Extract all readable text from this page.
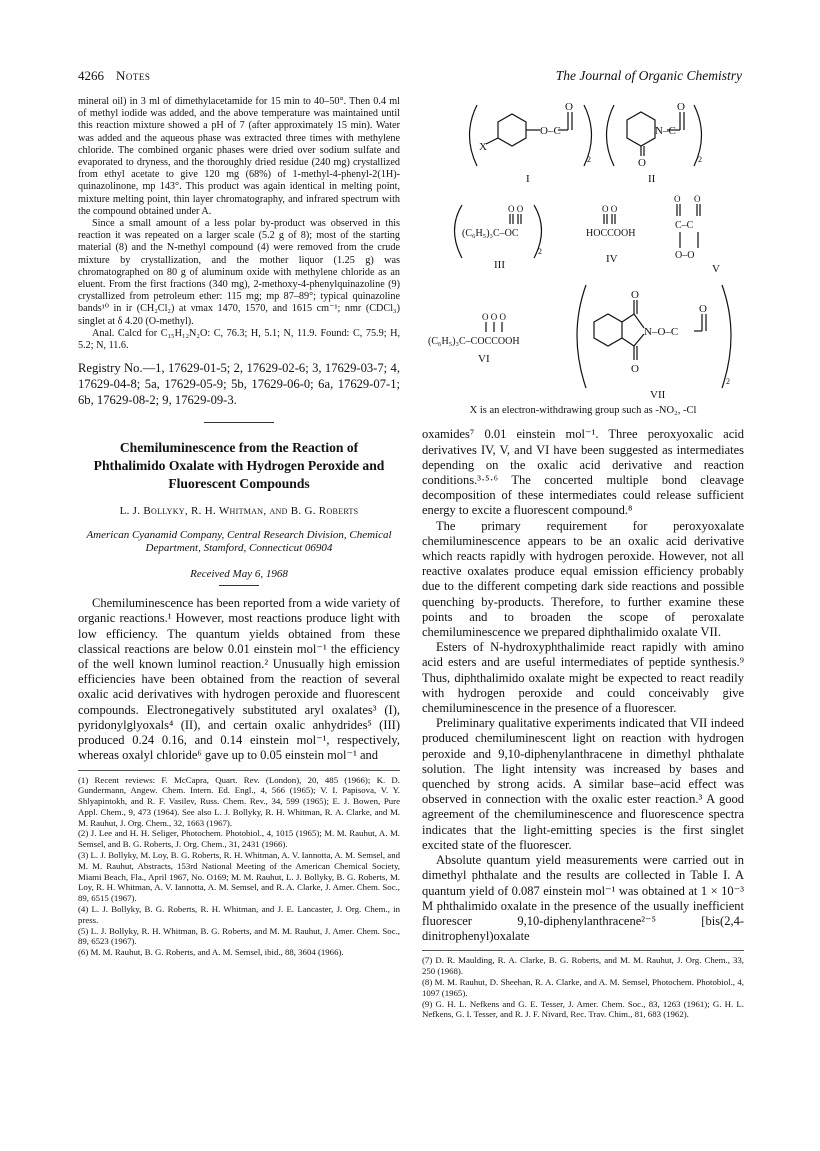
4266 Notes	The Journal of Organic Chemistry

mineral oil) in 3 ml of dimethylacetamide for 15 min to 40–50°. Then 0.4 ml of methyl iodide was added, and the above temperature was maintained until this reaction mixture showed a pH of 7 (after approximately 15 min). Water was added and the aqueous phase was extracted three times with methylene chloride. The combined organic phases were dried over sodium sulfate and evaporated to dryness, and the thoroughly dried residue (240 mg) crystallized from ethyl acetate to give 120 mg (68%) of 1-methyl-4-phenyl-2(1H)-quinazolinone, mp 143°. This product was again identical in melting point, mixture melting point, thin layer chromatography, and infrared spectrum with the compound obtained under A.

Since a small amount of a less polar by-product was observed in this reaction it was repeated on a larger scale (5.2 g of 8); most of the starting material (8) and the N-methyl compound (4) were removed from the crude mixture by crystallization, and the mother liquor (1.25 g) was chromatographed on 80 g of aluminum oxide with methylene chloride as an eluent. From the first fractions (340 mg), 2-methoxy-4-phenylquinazoline (9) crystallized from petroleum ether: 115 mg; mp 87–89°; typical quinazoline bands¹⁰ in ir (CH₂Cl₂) at νmax 1470, 1570, and 1615 cm⁻¹; nmr (CDCl₃) singlet at δ 4.20 (O-methyl).

Anal. Calcd for C₁₅H₁₂N₂O: C, 76.3; H, 5.1; N, 11.9. Found: C, 75.9; H, 5.2; N, 11.6.

Registry No.—1, 17629-01-5; 2, 17629-02-6; 3, 17629-03-7; 4, 17629-04-8; 5a, 17629-05-9; 5b, 17629-06-0; 6a, 17629-07-1; 6b, 17629-08-2; 9, 17629-09-3.

Chemiluminescence from the Reaction of Phthalimido Oxalate with Hydrogen Peroxide and Fluorescent Compounds
L. J. Bollyky, R. H. Whitman, and B. G. Roberts
American Cyanamid Company, Central Research Division, Chemical Department, Stamford, Connecticut 06904
Received May 6, 1968

Chemiluminescence has been reported from a wide variety of organic reactions.¹ However, most reactions produce light with low efficiency. The quantum yields obtained from these classical reactions are below 0.01 einstein mol⁻¹ the efficiency of the well known luminol reaction.² Unusually high emission efficiencies have been obtained from the reaction of several oxalic acid derivatives with hydrogen peroxide and fluorescent compounds. Electronegatively substituted aryl oxalates³ (I), pyridonylglyoxals⁴ (II), and certain oxalic anhydrides⁵ (III) produced 0.24 0.16, and 0.14 einstein mol⁻¹, respectively, whereas oxalyl chloride⁶ gave up to 0.05 einstein mol⁻¹ and

(1) Recent reviews: F. McCapra, Quart. Rev. (London), 20, 485 (1966); K. D. Gundermann, Angew. Chem. Intern. Ed. Engl., 4, 566 (1965); V. I. Papisova, V. Y. Shlyapintokh, and R. F. Vasilev, Russ. Chem. Rev., 34, 599 (1965); E. J. Bowen, Pure Appl. Chem., 9, 473 (1964). See also L. J. Bollyky, R. H. Whitman, R. A. Clarke, and M. M. Rauhut, J. Org. Chem., 32, 1663 (1967).

(2) J. Lee and H. H. Seliger, Photochem. Photobiol., 4, 1015 (1965); M. M. Rauhut, A. M. Semsel, and B. G. Roberts, J. Org. Chem., 31, 2431 (1966).

(3) L. J. Bollyky, M. Loy, B. G. Roberts, R. H. Whitman, A. V. Iannotta, A. M. Semsel, and M. M. Rauhut, Abstracts, 153rd National Meeting of the American Chemical Society, Miami Beach, Fla., April 1967, No. O169; M. M. Rauhut, L. J. Bollyky, B. G. Roberts, M. Loy, R. H. Whitman, A. V. Iannotta, A. M. Semsel, and R. A. Clarke, J. Amer. Chem. Soc., 89, 6515 (1967).

(4) L. J. Bollyky, B. G. Roberts, R. H. Whitman, and J. E. Lancaster, J. Org. Chem., in press.

(5) L. J. Bollyky, R. H. Whitman, B. G. Roberts, and M. M. Rauhut, J. Amer. Chem. Soc., 89, 6523 (1967).

(6) M. M. Rauhut, B. G. Roberts, and A. M. Semsel, ibid., 88, 3604 (1966).

X
O–C
O
2
I
N–C
O
O	2
II
(C₆H₅)₃C–OC
O O
2
III
O O
HOCCOOH
IV
O O
C–C
O–O
V
O O O
(C₆H₅)₃C–COCCOOH
VI
O
O
O
N–O–C
2
VII
X is an electron-withdrawing group such as -NO₂, -Cl

oxamides⁷ 0.01 einstein mol⁻¹. Three peroxyoxalic acid derivatives IV, V, and VI have been suggested as intermediates depending on the oxalic acid derivative and reaction conditions.³·⁵·⁶ The concerted multiple bond cleavage decomposition of these intermediates could release sufficient energy to excite a fluorescent compound.⁸

The primary requirement for peroxyoxalate chemiluminescence appears to be an oxalic acid derivative which reacts rapidly with hydrogen peroxide. However, not all reactive oxalates produce equal emission efficiency probably due to the different competing dark side reactions and possible quenching by-products. Therefore, to further examine these points and to broaden the scope of peroxalate chemiluminescence we prepared diphthalimido oxalate VII.

Esters of N-hydroxyphthalimide react rapidly with amino acid esters and are useful intermediates of peptide synthesis.⁹ Thus, diphthalimido oxalate might be expected to react readily with hydrogen peroxide and could conceivably give chemiluminescence in the presence of a fluorescer.

Preliminary qualitative experiments indicated that VII indeed produced chemiluminescent light on reaction with hydrogen peroxide and 9,10-diphenylanthracene in dimethyl phthalate solution. The light intensity was increased by bases and quenched by strong acids. A similar base–acid effect was observed in connection with the oxalic ester reaction.³ A good agreement of the chemiluminescence and fluorescence spectra indicates that the light-emitting species is the first singlet excited state of the fluorescer.

Absolute quantum yield measurements were carried out in dimethyl phthalate and the results are collected in Table I. A quantum yield of 0.087 einstein mol⁻¹ was obtained at 1 × 10⁻³ M phthalimido oxalate in the presence of the usually inefficient fluorescer 9,10-diphenylanthracene²⁻⁵ [bis(2,4-dinitrophenyl)oxalate

(7) D. R. Maulding, R. A. Clarke, B. G. Roberts, and M. M. Rauhut, J. Org. Chem., 33, 250 (1968).

(8) M. M. Rauhut, D. Sheehan, R. A. Clarke, and A. M. Semsel, Photochem. Photobiol., 4, 1097 (1965).

(9) G. H. L. Nefkens and G. E. Tesser, J. Amer. Chem. Soc., 83, 1263 (1961); G. H. L. Nefkens, G. I. Tesser, and R. J. F. Nivard, Rec. Trav. Chim., 81, 683 (1962).
